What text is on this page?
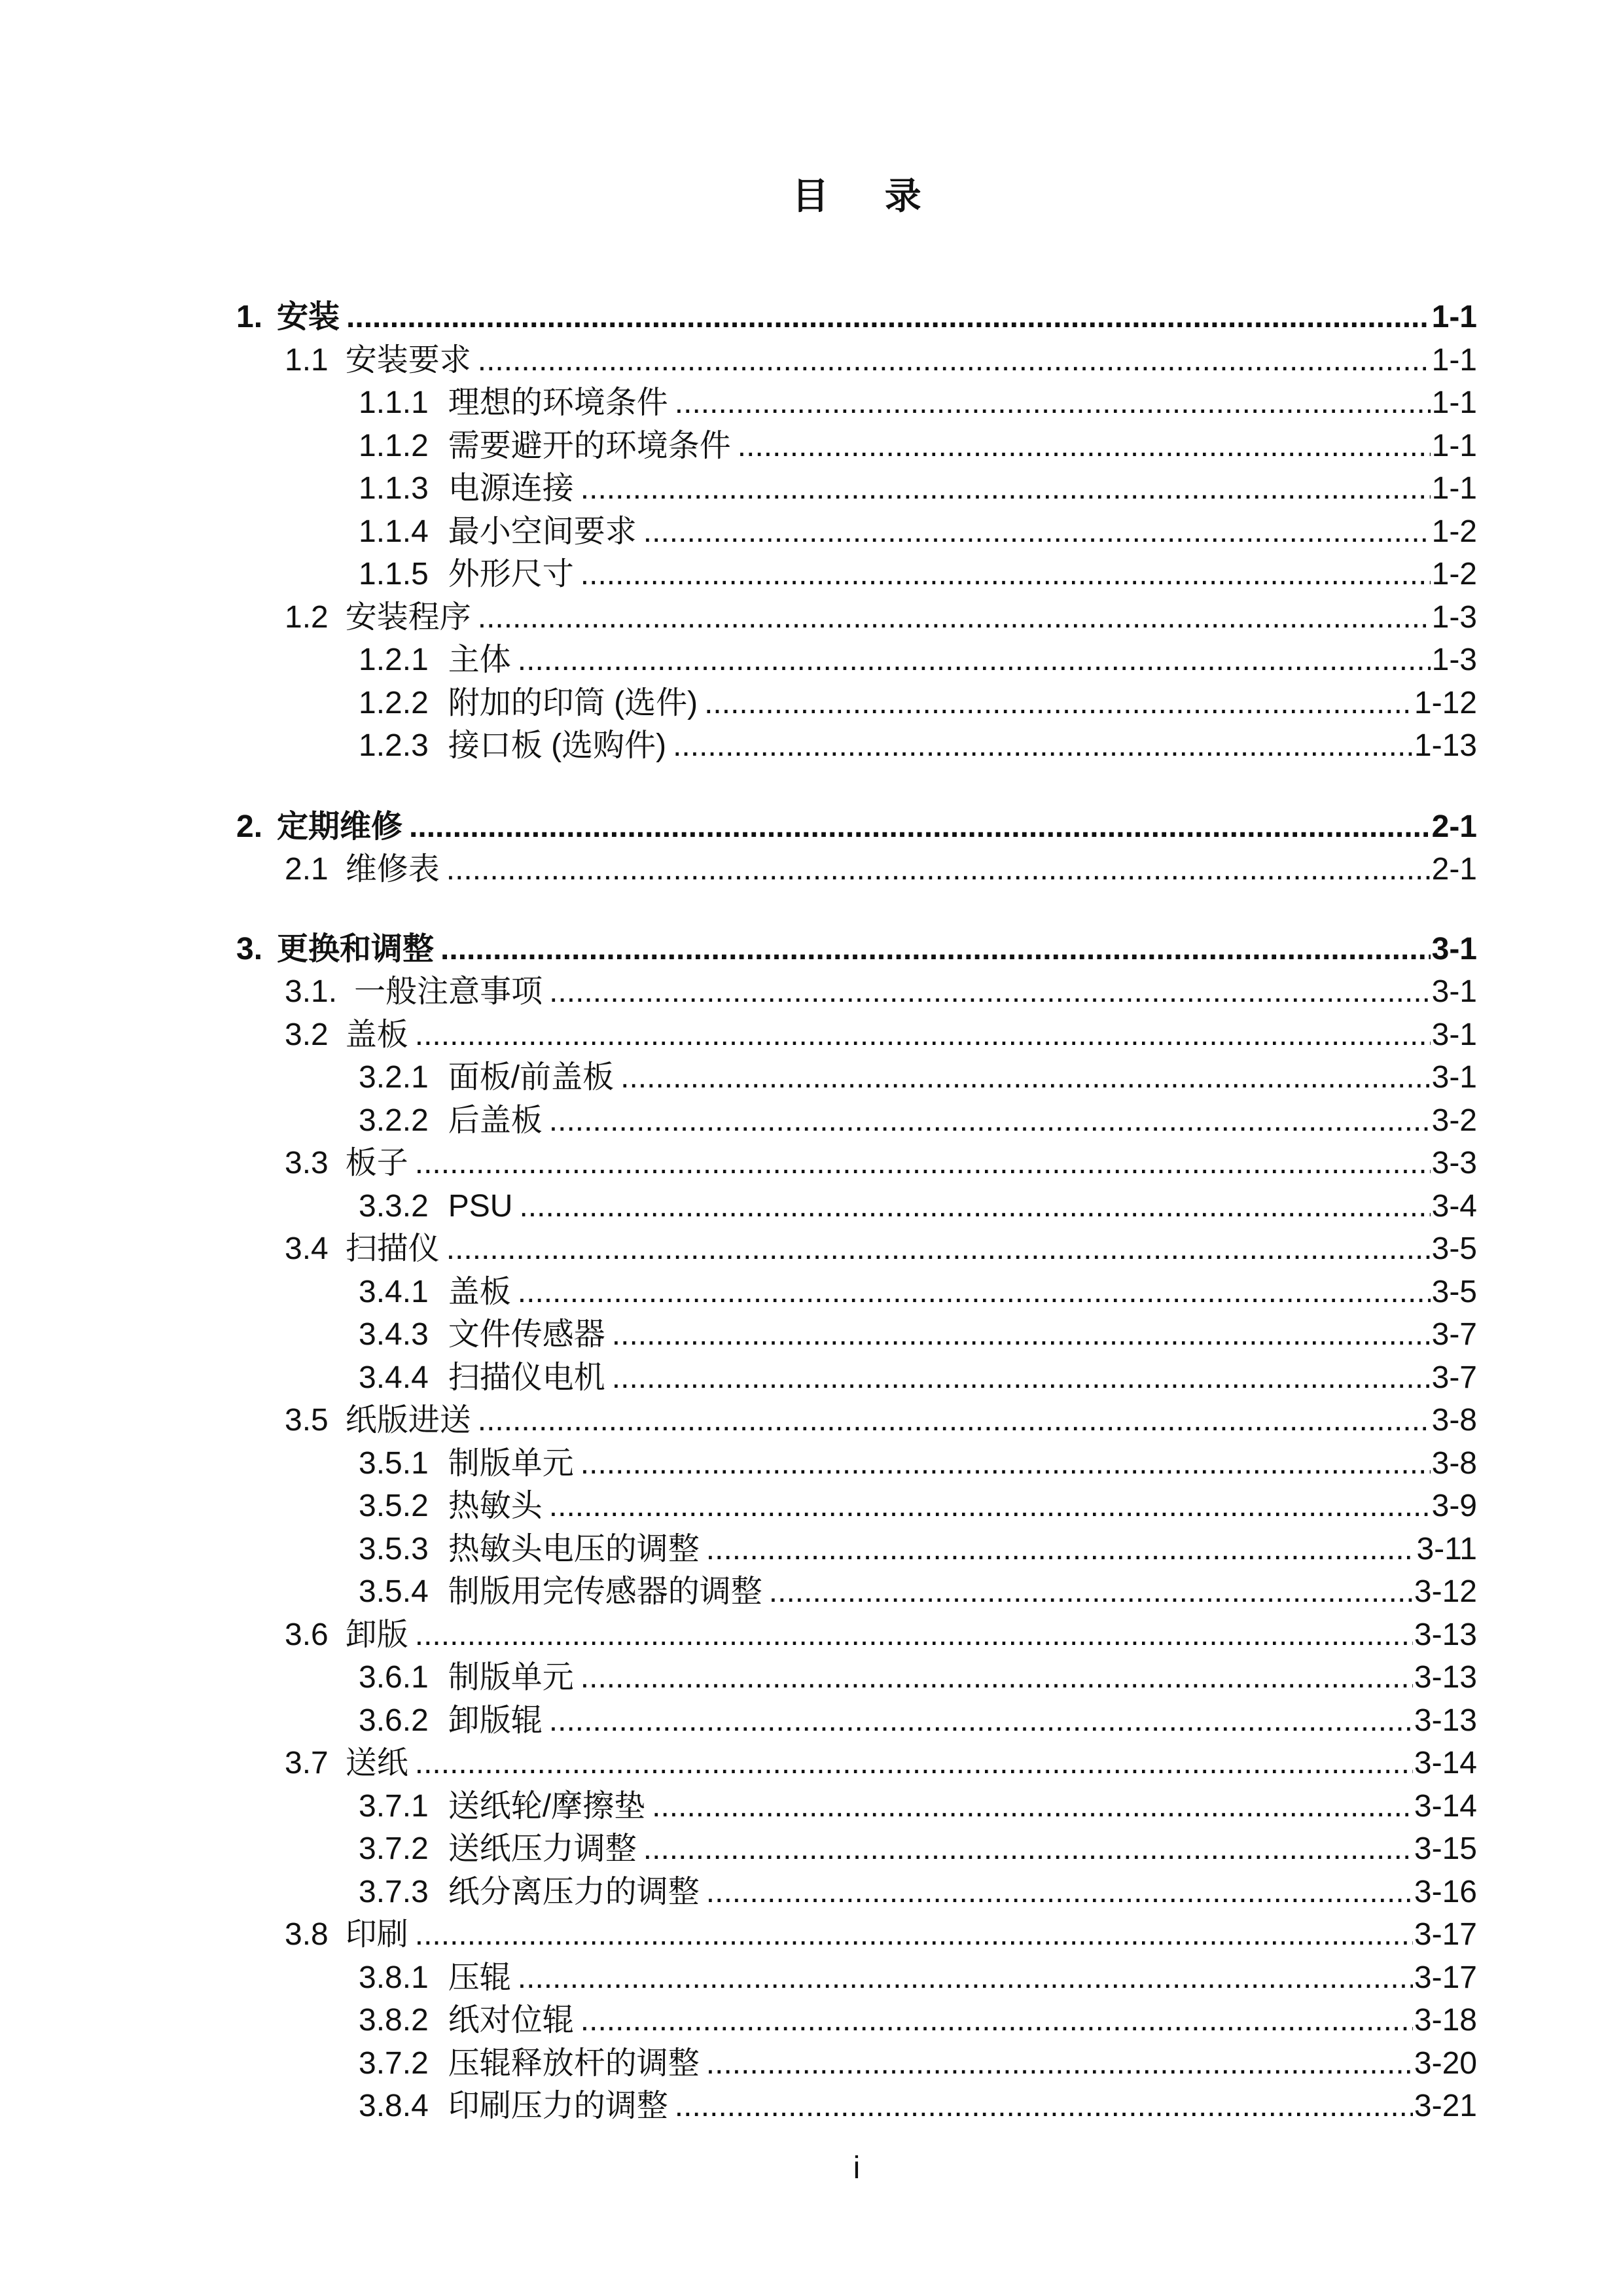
目 录
1. 安装 .....	1-1
1.1 安装要求 .....	1-1
1.1.1 理想的环境条件 .....	1-1
1.1.2 需要避开的环境条件 .....	1-1
1.1.3 电源连接 .....	1-1
1.1.4 最小空间要求 .....	1-2
1.1.5 外形尺寸 .....	1-2
1.2 安装程序 .....	1-3
1.2.1 主体 .....	1-3
1.2.2 附加的印筒 (选件) .....	1-12
1.2.3 接口板 (选购件) .....	1-13
2. 定期维修 .....	2-1
2.1 维修表 .....	2-1
3. 更换和调整 .....	3-1
3.1. 一般注意事项 .....	3-1
3.2 盖板 .....	3-1
3.2.1 面板/前盖板 .....	3-1
3.2.2 后盖板 .....	3-2
3.3 板子 .....	3-3
3.3.2 PSU .....	3-4
3.4 扫描仪 .....	3-5
3.4.1 盖板 .....	3-5
3.4.3 文件传感器 .....	3-7
3.4.4 扫描仪电机 .....	3-7
3.5 纸版进送 .....	3-8
3.5.1 制版单元 .....	3-8
3.5.2 热敏头 .....	3-9
3.5.3 热敏头电压的调整 .....	3-11
3.5.4 制版用完传感器的调整 .....	3-12
3.6 卸版 .....	3-13
3.6.1 制版单元 .....	3-13
3.6.2 卸版辊 .....	3-13
3.7 送纸 .....	3-14
3.7.1 送纸轮/摩擦垫 .....	3-14
3.7.2 送纸压力调整 .....	3-15
3.7.3 纸分离压力的调整 .....	3-16
3.8 印刷 .....	3-17
3.8.1 压辊 .....	3-17
3.8.2 纸对位辊 .....	3-18
3.7.2 压辊释放杆的调整 .....	3-20
3.8.4 印刷压力的调整 .....	3-21
i
